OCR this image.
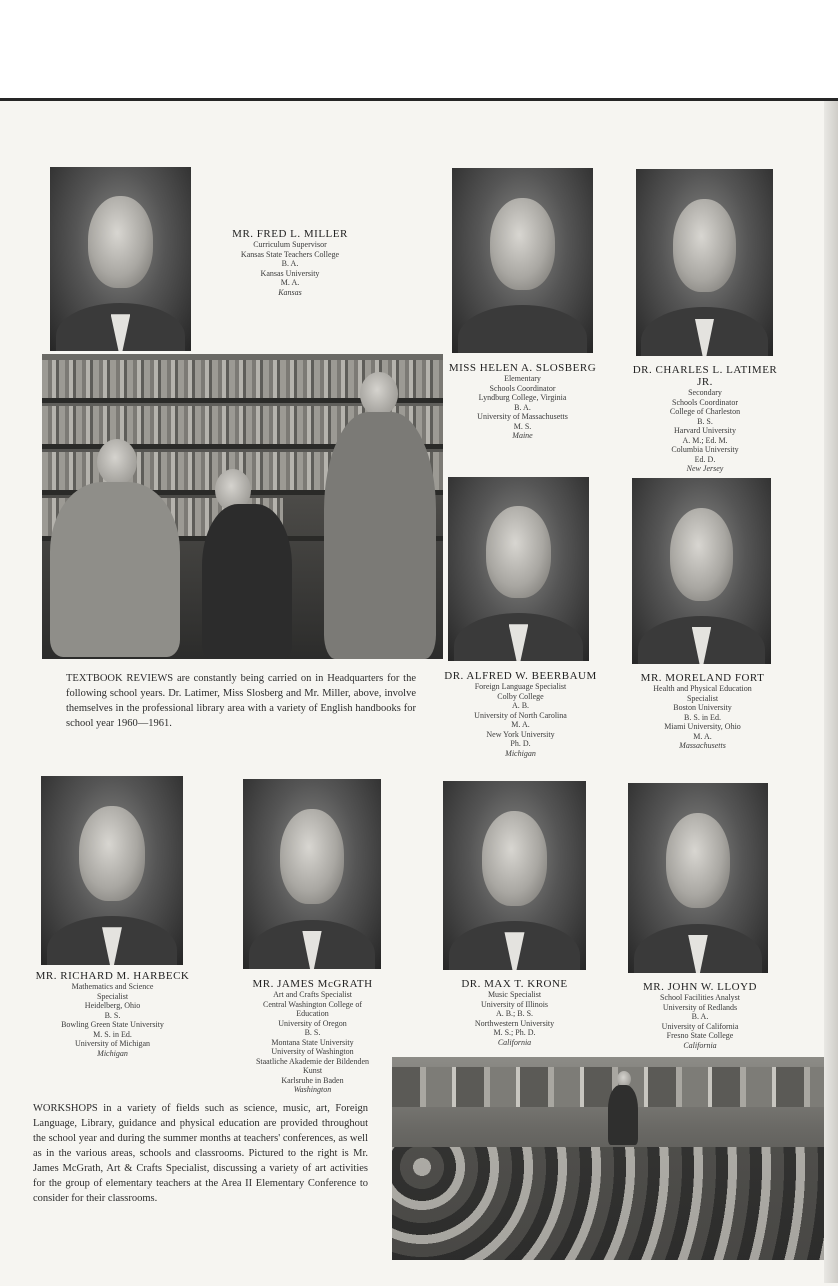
MR. FRED L. MILLER
Curriculum Supervisor
Kansas State Teachers College
B. A.
Kansas University
M. A.
Kansas
MISS HELEN A. SLOSBERG
Elementary
Schools Coordinator
Lyndburg College, Virginia
B. A.
University of Massachusetts
M. S.
Maine
DR. CHARLES L. LATIMER JR.
Secondary
Schools Coordinator
College of Charleston
B. S.
Harvard University
A. M.; Ed. M.
Columbia University
Ed. D.
New Jersey
DR. ALFRED W. BEERBAUM
Foreign Language Specialist
Colby College
A. B.
University of North Carolina
M. A.
New York University
Ph. D.
Michigan
MR. MORELAND FORT
Health and Physical Education
Specialist
Boston University
B. S. in Ed.
Miami University, Ohio
M. A.
Massachusetts
TEXTBOOK REVIEWS are constantly being carried on in Headquarters for the following school years. Dr. Latimer, Miss Slosberg and Mr. Miller, above, involve themselves in the professional library area with a variety of English handbooks for school year 1960—1961.
MR. RICHARD M. HARBECK
Mathematics and Science
Specialist
Heidelberg, Ohio
B. S.
Bowling Green State University
M. S. in Ed.
University of Michigan
Michigan
MR. JAMES McGRATH
Art and Crafts Specialist
Central Washington College of
Education
University of Oregon
B. S.
Montana State University
University of Washington
Staatliche Akademie der Bildenden
Kunst
Karlsruhe in Baden
Washington
DR. MAX T. KRONE
Music Specialist
University of Illinois
A. B.; B. S.
Northwestern University
M. S.; Ph. D.
California
MR. JOHN W. LLOYD
School Facilities Analyst
University of Redlands
B. A.
University of California
Fresno State College
California
WORKSHOPS in a variety of fields such as science, music, art, Foreign Language, Library, guidance and physical education are provided throughout the school year and during the summer months at teachers' conferences, as well as in the various areas, schools and classrooms. Pictured to the right is Mr. James McGrath, Art & Crafts Specialist, discussing a variety of art activities for the group of elementary teachers at the Area II Elementary Conference to consider for their classrooms.
